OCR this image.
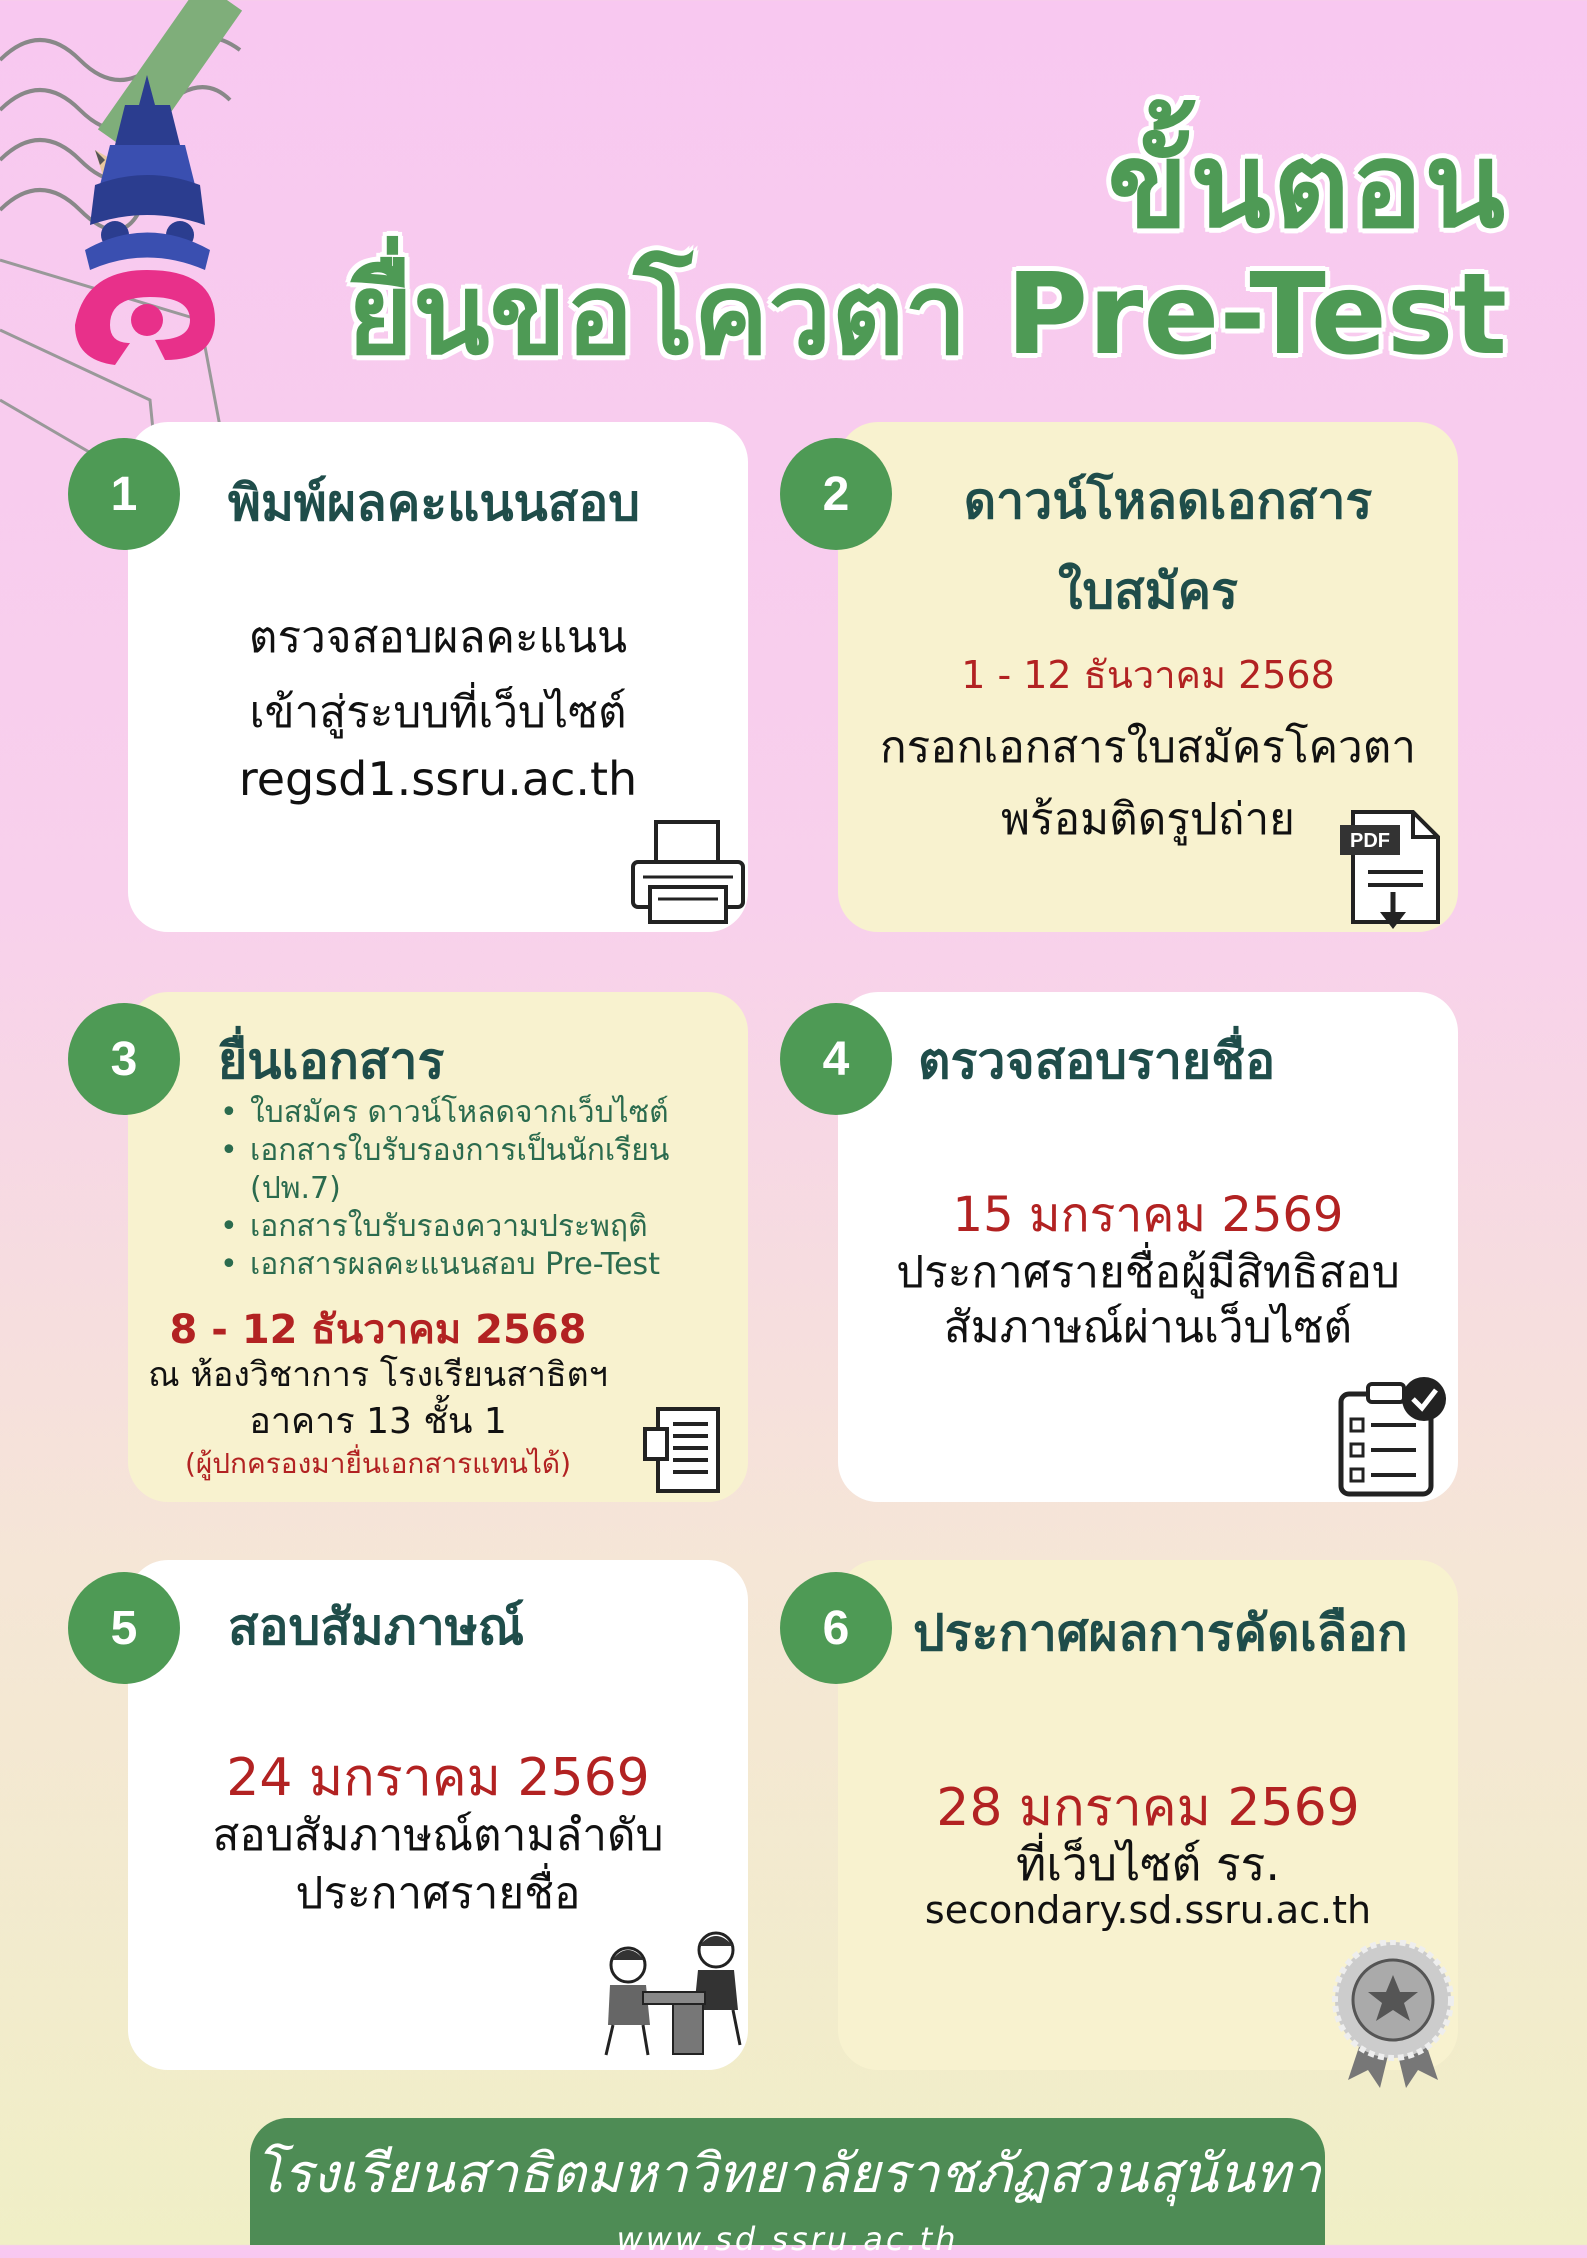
ขั้นตอน
ยื่นขอโควตา Pre-Test
พิมพ์ผลคะแนนสอบ
ตรวจสอบผลคะแนน
เข้าสู่ระบบที่เว็บไซต์
regsd1.ssru.ac.th
1	ดาวน์โหลดเอกสาร
ใบสมัคร
1 - 12 ธันวาคม 2568
กรอกเอกสารใบสมัครโควตา
พร้อมติดรูปถ่าย	PDF
2
ยื่นเอกสาร
• ใบสมัคร ดาวน์โหลดจากเว็บไซต์
• เอกสารใบรับรองการเป็นนักเรียน (ปพ.7)
• เอกสารใบรับรองความประพฤติ
• เอกสารผลคะแนนสอบ Pre-Test
8 - 12 ธันวาคม 2568
ณ ห้องวิชาการ โรงเรียนสาธิตฯ
อาคาร 13 ชั้น 1
(ผู้ปกครองมายื่นเอกสารแทนได้)
3	ตรวจสอบรายชื่อ
15 มกราคม 2569
ประกาศรายชื่อผู้มีสิทธิสอบ
สัมภาษณ์ผ่านเว็บไซต์
4
สอบสัมภาษณ์
24 มกราคม 2569
สอบสัมภาษณ์ตามลำดับ
ประกาศรายชื่อ
5	ประกาศผลการคัดเลือก
28 มกราคม 2569
ที่เว็บไซต์ รร.
secondary.sd.ssru.ac.th
6
โรงเรียนสาธิตมหาวิทยาลัยราชภัฏสวนสุนันทา
www.sd.ssru.ac.th
